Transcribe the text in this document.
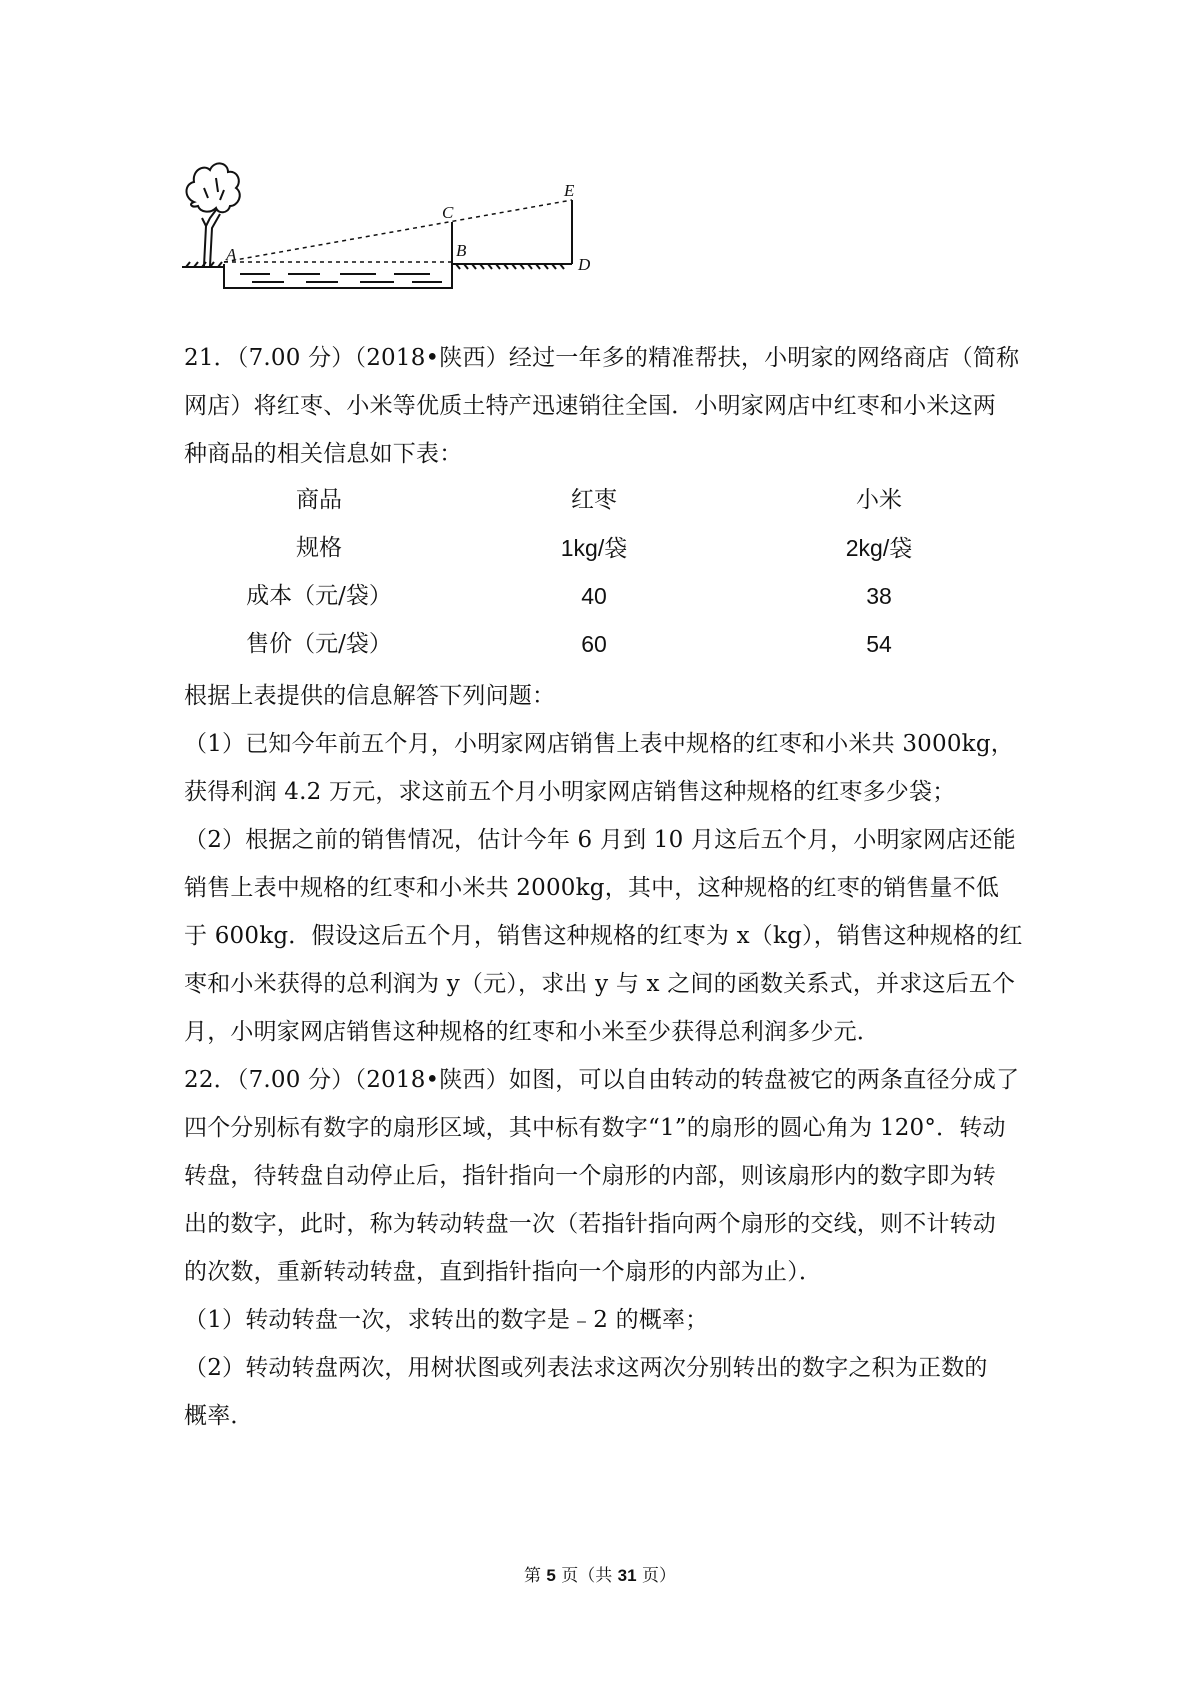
A	B
C
D
E
21．（7.00 分）（2018•陕西）经过一年多的精准帮扶，小明家的网络商店（简称
网店）将红枣、小米等优质土特产迅速销往全国．小明家网店中红枣和小米这两
种商品的相关信息如下表：
商品	红枣	小米
规格	1kg/袋	2kg/袋
成本（元/袋）	40	38
售价（元/袋）	60	54
根据上表提供的信息解答下列问题：
（1）已知今年前五个月，小明家网店销售上表中规格的红枣和小米共 3000kg，
获得利润 4.2 万元，求这前五个月小明家网店销售这种规格的红枣多少袋；
（2）根据之前的销售情况，估计今年 6 月到 10 月这后五个月，小明家网店还能
销售上表中规格的红枣和小米共 2000kg，其中，这种规格的红枣的销售量不低
于 600kg．假设这后五个月，销售这种规格的红枣为 x（kg），销售这种规格的红
枣和小米获得的总利润为 y（元），求出 y 与 x 之间的函数关系式，并求这后五个
月，小明家网店销售这种规格的红枣和小米至少获得总利润多少元．
22．（7.00 分）（2018•陕西）如图，可以自由转动的转盘被它的两条直径分成了
四个分别标有数字的扇形区域，其中标有数字“1”的扇形的圆心角为 120°．转动
转盘，待转盘自动停止后，指针指向一个扇形的内部，则该扇形内的数字即为转
出的数字，此时，称为转动转盘一次（若指针指向两个扇形的交线，则不计转动
的次数，重新转动转盘，直到指针指向一个扇形的内部为止）．
（1）转动转盘一次，求转出的数字是﹣2 的概率；
（2）转动转盘两次，用树状图或列表法求这两次分别转出的数字之积为正数的
概率．
第 5 页（共 31 页）
